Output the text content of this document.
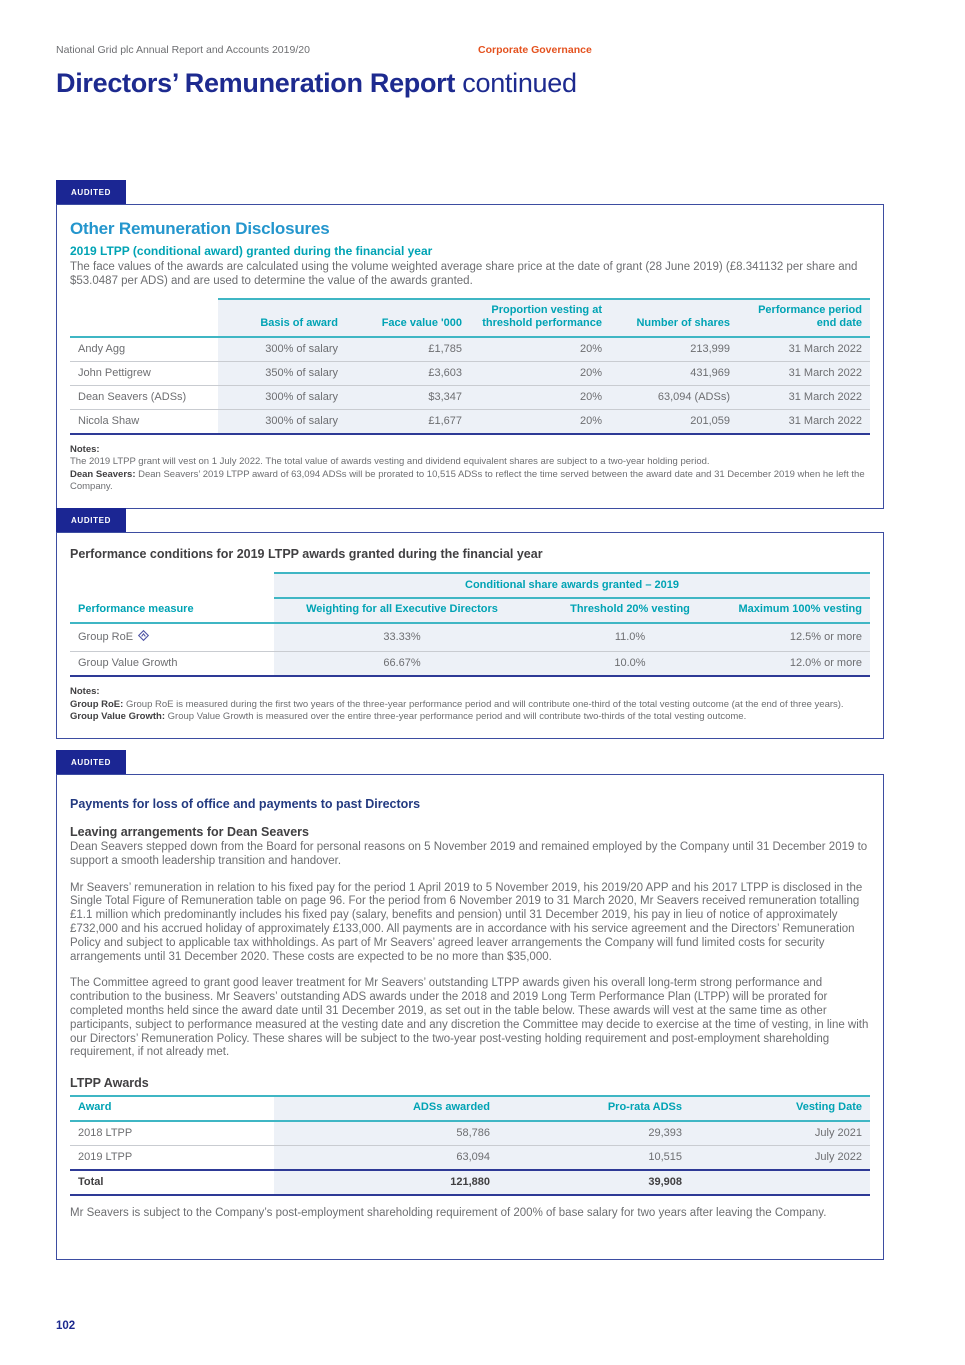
National Grid plc Annual Report and Accounts 2019/20	Corporate Governance
Directors’ Remuneration Report continued
AUDITED
Other Remuneration Disclosures
2019 LTPP (conditional award) granted during the financial year
The face values of the awards are calculated using the volume weighted average share price at the date of grant (28 June 2019) (£8.341132 per share and $53.0487 per ADS) and are used to determine the value of the awards granted.
	Basis of award	Face value '000	Proportion vesting at threshold performance	Number of shares	Performance period end date
Andy Agg	300% of salary	£1,785	20%	213,999	31 March 2022
John Pettigrew	350% of salary	£3,603	20%	431,969	31 March 2022
Dean Seavers (ADSs)	300% of salary	$3,347	20%	63,094 (ADSs)	31 March 2022
Nicola Shaw	300% of salary	£1,677	20%	201,059	31 March 2022
Notes:
The 2019 LTPP grant will vest on 1 July 2022. The total value of awards vesting and dividend equivalent shares are subject to a two-year holding period.
Dean Seavers: Dean Seavers’ 2019 LTPP award of 63,094 ADSs will be prorated to 10,515 ADSs to reflect the time served between the award date and 31 December 2019 when he left the Company.
AUDITED
Performance conditions for 2019 LTPP awards granted during the financial year
	Conditional share awards granted – 2019		
Performance measure	Weighting for all Executive Directors	Threshold 20% vesting	Maximum 100% vesting
Group RoE	33.33%	11.0%	12.5% or more
Group Value Growth	66.67%	10.0%	12.0% or more
Notes:
Group RoE: Group RoE is measured during the first two years of the three-year performance period and will contribute one-third of the total vesting outcome (at the end of three years).
Group Value Growth: Group Value Growth is measured over the entire three-year performance period and will contribute two-thirds of the total vesting outcome.
AUDITED
Payments for loss of office and payments to past Directors
Leaving arrangements for Dean Seavers
Dean Seavers stepped down from the Board for personal reasons on 5 November 2019 and remained employed by the Company until 31 December 2019 to support a smooth leadership transition and handover.
Mr Seavers’ remuneration in relation to his fixed pay for the period 1 April 2019 to 5 November 2019, his 2019/20 APP and his 2017 LTPP is disclosed in the Single Total Figure of Remuneration table on page 96. For the period from 6 November 2019 to 31 March 2020, Mr Seavers received remuneration totalling £1.1 million which predominantly includes his fixed pay (salary, benefits and pension) until 31 December 2019, his pay in lieu of notice of approximately £732,000 and his accrued holiday of approximately £133,000. All payments are in accordance with his service agreement and the Directors’ Remuneration Policy and subject to applicable tax withholdings. As part of Mr Seavers’ agreed leaver arrangements the Company will fund limited costs for security arrangements until 31 December 2020. These costs are expected to be no more than $35,000.
The Committee agreed to grant good leaver treatment for Mr Seavers’ outstanding LTPP awards given his overall long-term strong performance and contribution to the business. Mr Seavers’ outstanding ADS awards under the 2018 and 2019 Long Term Performance Plan (LTPP) will be prorated for completed months held since the award date until 31 December 2019, as set out in the table below. These awards will vest at the same time as other participants, subject to performance measured at the vesting date and any discretion the Committee may decide to exercise at the time of vesting, in line with our Directors’ Remuneration Policy. These shares will be subject to the two-year post-vesting holding requirement and post-employment shareholding requirement, if not already met.
LTPP Awards
Award	ADSs awarded	Pro-rata ADSs	Vesting Date
2018 LTPP	58,786	29,393	July 2021
2019 LTPP	63,094	10,515	July 2022
Total	121,880	39,908	
Mr Seavers is subject to the Company’s post-employment shareholding requirement of 200% of base salary for two years after leaving the Company.
102
